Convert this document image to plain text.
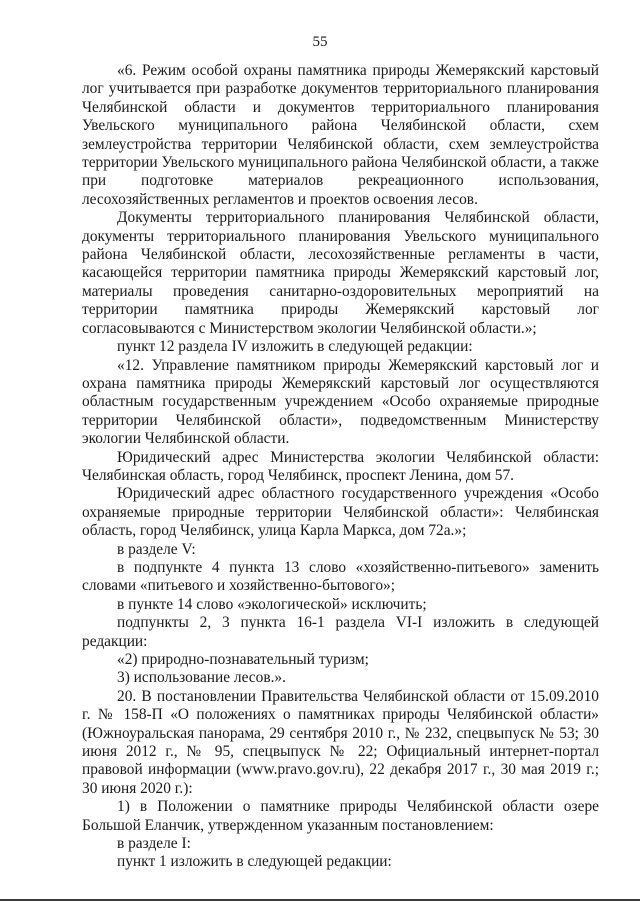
55

«6. Режим особой охраны памятника природы Жемерякский карстовый лог учитывается при разработке документов территориального планирования Челябинской области и документов территориального планирования Увельского муниципального района Челябинской области, схем землеустройства территории Челябинской области, схем землеустройства территории Увельского муниципального района Челябинской области, а также при подготовке материалов рекреационного использования, лесохозяйственных регламентов и проектов освоения лесов.

Документы территориального планирования Челябинской области, документы территориального планирования Увельского муниципального района Челябинской области, лесохозяйственные регламенты в части, касающейся территории памятника природы Жемерякский карстовый лог, материалы проведения санитарно-оздоровительных мероприятий на территории памятника природы Жемерякский карстовый лог согласовываются с Министерством экологии Челябинской области.»;

пункт 12 раздела IV изложить в следующей редакции:

«12. Управление памятником природы Жемерякский карстовый лог и охрана памятника природы Жемерякский карстовый лог осуществляются областным государственным учреждением «Особо охраняемые природные территории Челябинской области», подведомственным Министерству экологии Челябинской области.

Юридический адрес Министерства экологии Челябинской области: Челябинская область, город Челябинск, проспект Ленина, дом 57.

Юридический адрес областного государственного учреждения «Особо охраняемые природные территории Челябинской области»: Челябинская область, город Челябинск, улица Карла Маркса, дом 72а.»;

в разделе V:

в подпункте 4 пункта 13 слово «хозяйственно-питьевого» заменить словами «питьевого и хозяйственно-бытового»;

в пункте 14 слово «экологической» исключить;

подпункты 2, 3 пункта 16-1 раздела VI-I изложить в следующей редакции:

«2) природно-познавательный туризм;

3) использование лесов.».

20. В постановлении Правительства Челябинской области от 15.09.2010 г. № 158-П «О положениях о памятниках природы Челябинской области» (Южноуральская панорама, 29 сентября 2010 г., № 232, спецвыпуск № 53; 30 июня 2012 г., № 95, спецвыпуск № 22; Официальный интернет-портал правовой информации (www.pravo.gov.ru), 22 декабря 2017 г., 30 мая 2019 г.; 30 июня 2020 г.):

1) в Положении о памятнике природы Челябинской области озере Большой Еланчик, утвержденном указанным постановлением:

в разделе I:

пункт 1 изложить в следующей редакции:
